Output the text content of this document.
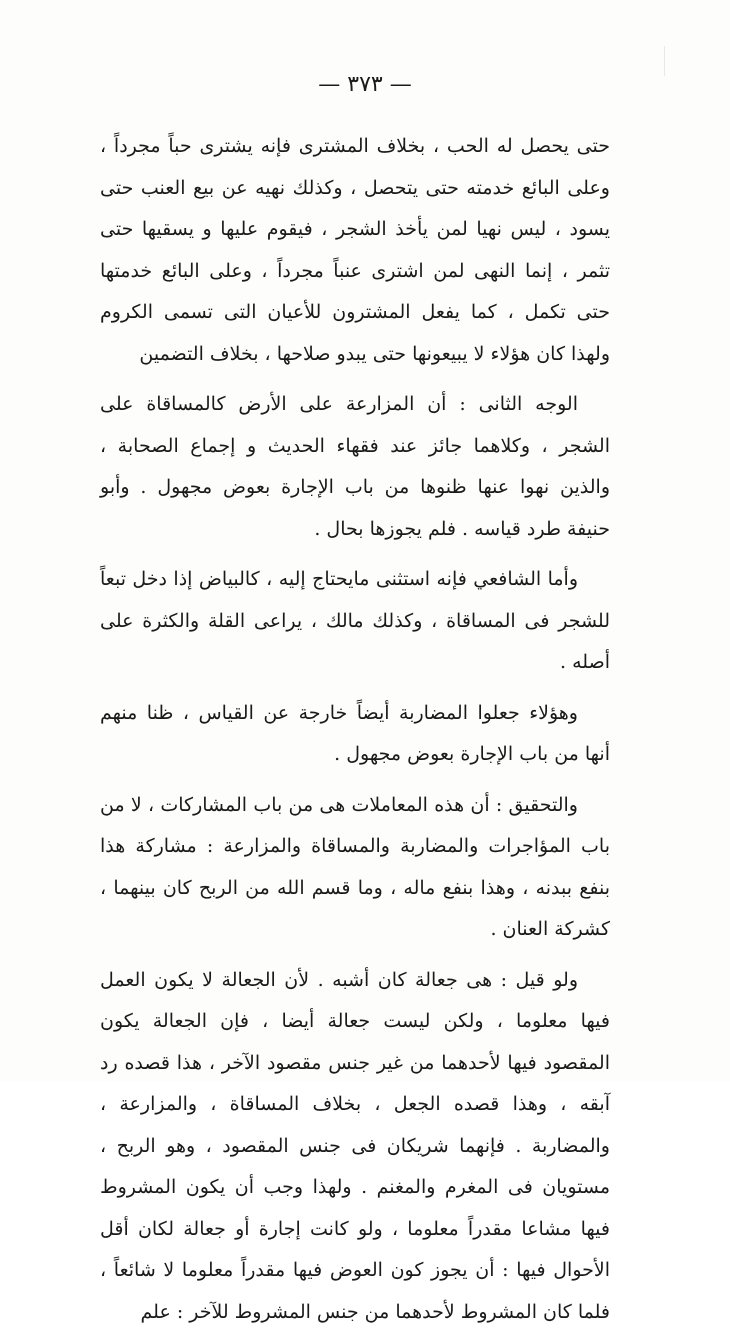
— ٣٧٣ —

حتى يحصل له الحب ، بخلاف المشترى فإنه يشترى حباً مجرداً ، وعلى البائع خدمته حتى يتحصل ، وكذلك نهيه عن بيع العنب حتى يسود ، ليس نهيا لمن يأخذ الشجر ، فيقوم عليها و يسقيها حتى تثمر ، إنما النهى لمن اشترى عنباً مجرداً ، وعلى البائع خدمتها حتى تكمل ، كما يفعل المشترون للأعيان التى تسمى الكروم ولهذا كان هؤلاء لا يبيعونها حتى يبدو صلاحها ، بخلاف التضمين

الوجه الثانى : أن المزارعة على الأرض كالمساقاة على الشجر ، وكلاهما جائز عند فقهاء الحديث و إجماع الصحابة ، والذين نهوا عنها ظنوها من باب الإجارة بعوض مجهول . وأبو حنيفة طرد قياسه . فلم يجوزها بحال .

وأما الشافعي فإنه استثنى مايحتاج إليه ، كالبياض إذا دخل تبعاً للشجر فى المساقاة ، وكذلك مالك ، يراعى القلة والكثرة على أصله .

وهؤلاء جعلوا المضاربة أيضاً خارجة عن القياس ، ظنا منهم أنها من باب الإجارة بعوض مجهول .

والتحقيق : أن هذه المعاملات هى من باب المشاركات ، لا من باب المؤاجرات والمضاربة والمساقاة والمزارعة : مشاركة هذا بنفع ببدنه ، وهذا بنفع ماله ، وما قسم الله من الربح كان بينهما ، كشركة العنان .

ولو قيل : هى جعالة كان أشبه . لأن الجعالة لا يكون العمل فيها معلوما ، ولكن ليست جعالة أيضا ، فإن الجعالة يكون المقصود فيها لأحدهما من غير جنس مقصود الآخر ، هذا قصده رد آبقه ، وهذا قصده الجعل ، بخلاف المساقاة ، والمزارعة ، والمضاربة . فإنهما شريكان فى جنس المقصود ، وهو الربح ، مستويان فى المغرم والمغنم . ولهذا وجب أن يكون المشروط فيها مشاعا مقدراً معلوما ، ولو كانت إجارة أو جعالة لكان أقل الأحوال فيها : أن يجوز كون العوض فيها مقدراً معلوما لا شائعاً ، فلما كان المشروط لأحدهما من جنس المشروط للآخر : علم
